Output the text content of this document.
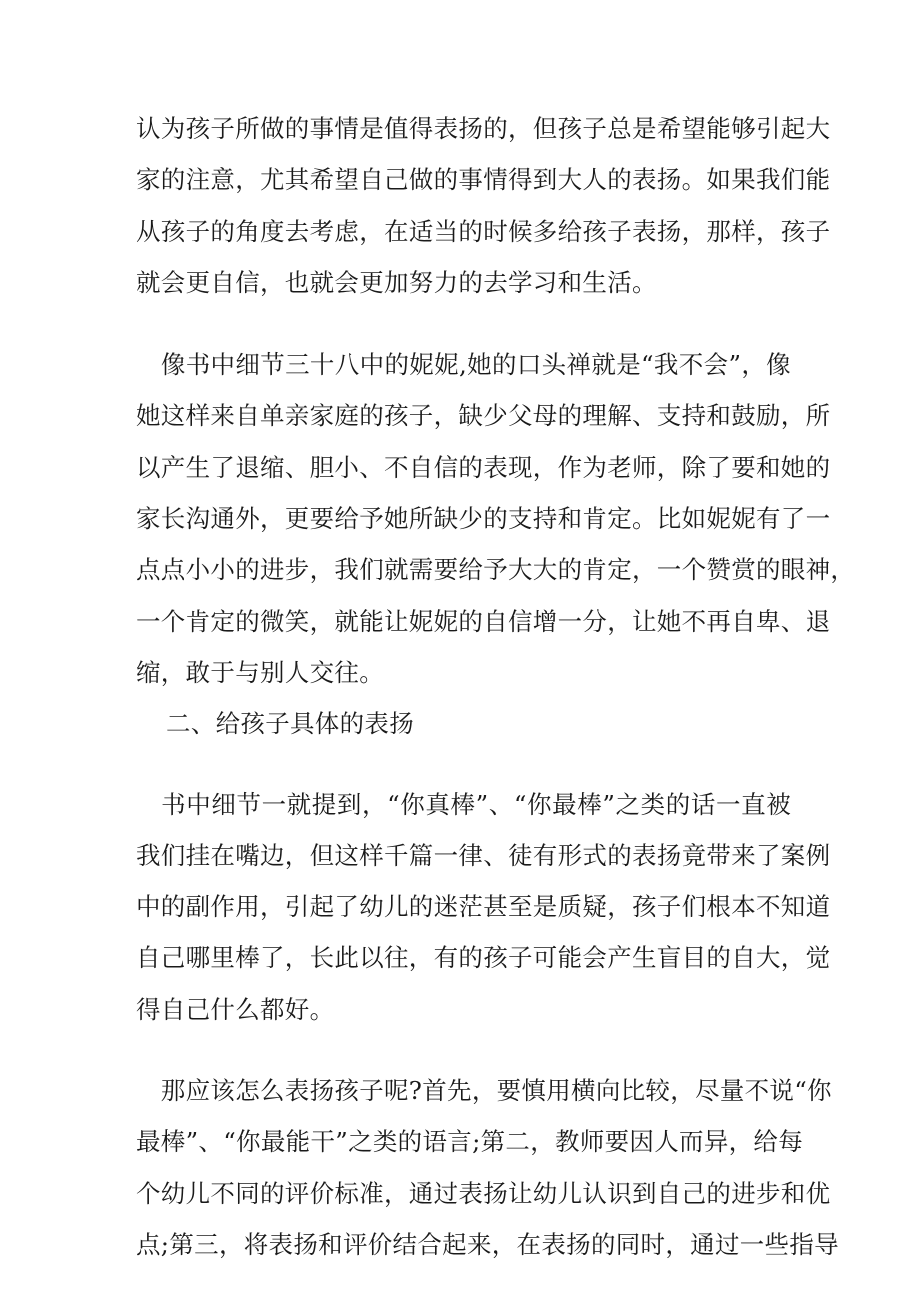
认为孩子所做的事情是值得表扬的，但孩子总是希望能够引起大
家的注意，尤其希望自己做的事情得到大人的表扬。如果我们能
从孩子的角度去考虑，在适当的时候多给孩子表扬，那样，孩子
就会更自信，也就会更加努力的去学习和生活。

　像书中细节三十八中的妮妮,她的口头禅就是“我不会”，像
她这样来自单亲家庭的孩子，缺少父母的理解、支持和鼓励，所
以产生了退缩、胆小、不自信的表现，作为老师，除了要和她的
家长沟通外，更要给予她所缺少的支持和肯定。比如妮妮有了一
点点小小的进步，我们就需要给予大大的肯定，一个赞赏的眼神，
一个肯定的微笑，就能让妮妮的自信增一分，让她不再自卑、退
缩，敢于与别人交往。

二、给孩子具体的表扬

　书中细节一就提到，“你真棒”、“你最棒”之类的话一直被
我们挂在嘴边，但这样千篇一律、徒有形式的表扬竟带来了案例
中的副作用，引起了幼儿的迷茫甚至是质疑，孩子们根本不知道
自己哪里棒了，长此以往，有的孩子可能会产生盲目的自大，觉
得自己什么都好。

　那应该怎么表扬孩子呢?首先，要慎用横向比较，尽量不说“你
最棒”、“你最能干”之类的语言;第二，教师要因人而异，给每
个幼儿不同的评价标准，通过表扬让幼儿认识到自己的进步和优
点;第三，将表扬和评价结合起来，在表扬的同时，通过一些指导
